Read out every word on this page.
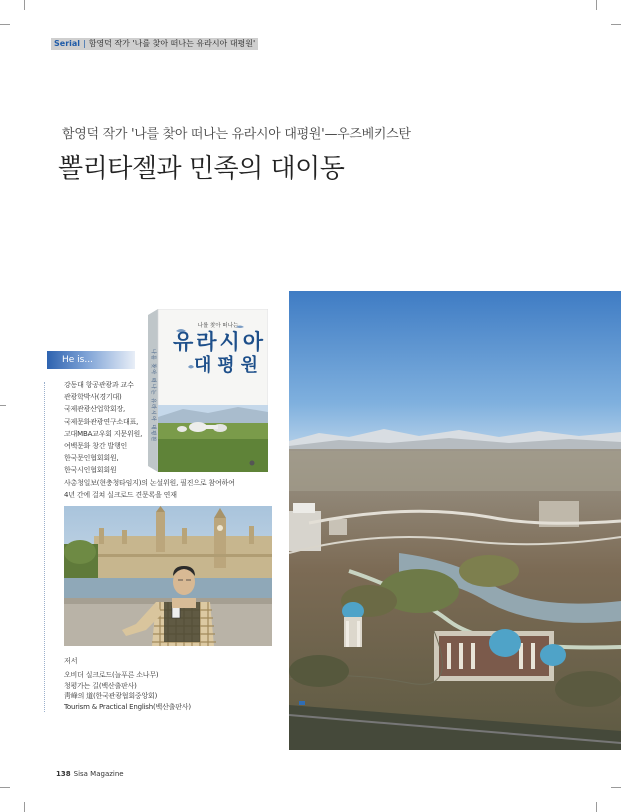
Serial | 함영덕 작가 '나를 찾아 떠나는 유라시아 대평원'
함영덕 작가 '나를 찾아 떠나는 유라시아 대평원'—우즈베키스탄
뽈리타젤과 민족의 대이동
나를 찾아 떠나는 유라시아 대평원
나를 찾아 떠나는
유라시아
대평원
He is...
강동대 항공관광과 교수
관광학박사(경기대)
국제관광산업학회장,
국제문화관광연구소대표,
고대MBA교우회 지문위원,
여백문화 창간 발행인
한국문인협회회원,
한국시인협회회원
사총청일보(현충청타임지)의 논설위원, 필진으로 참여하여
4년 간에 걸쳐 실크로드 견문록을 연재
저서
오비더 실크로드(늘푸른 소나무)
청평가는 길(백산출판사)
靑峰의 道(한국관광협회중앙회)
Tourism & Practical English(백산출판사)
138 Sisa Magazine
